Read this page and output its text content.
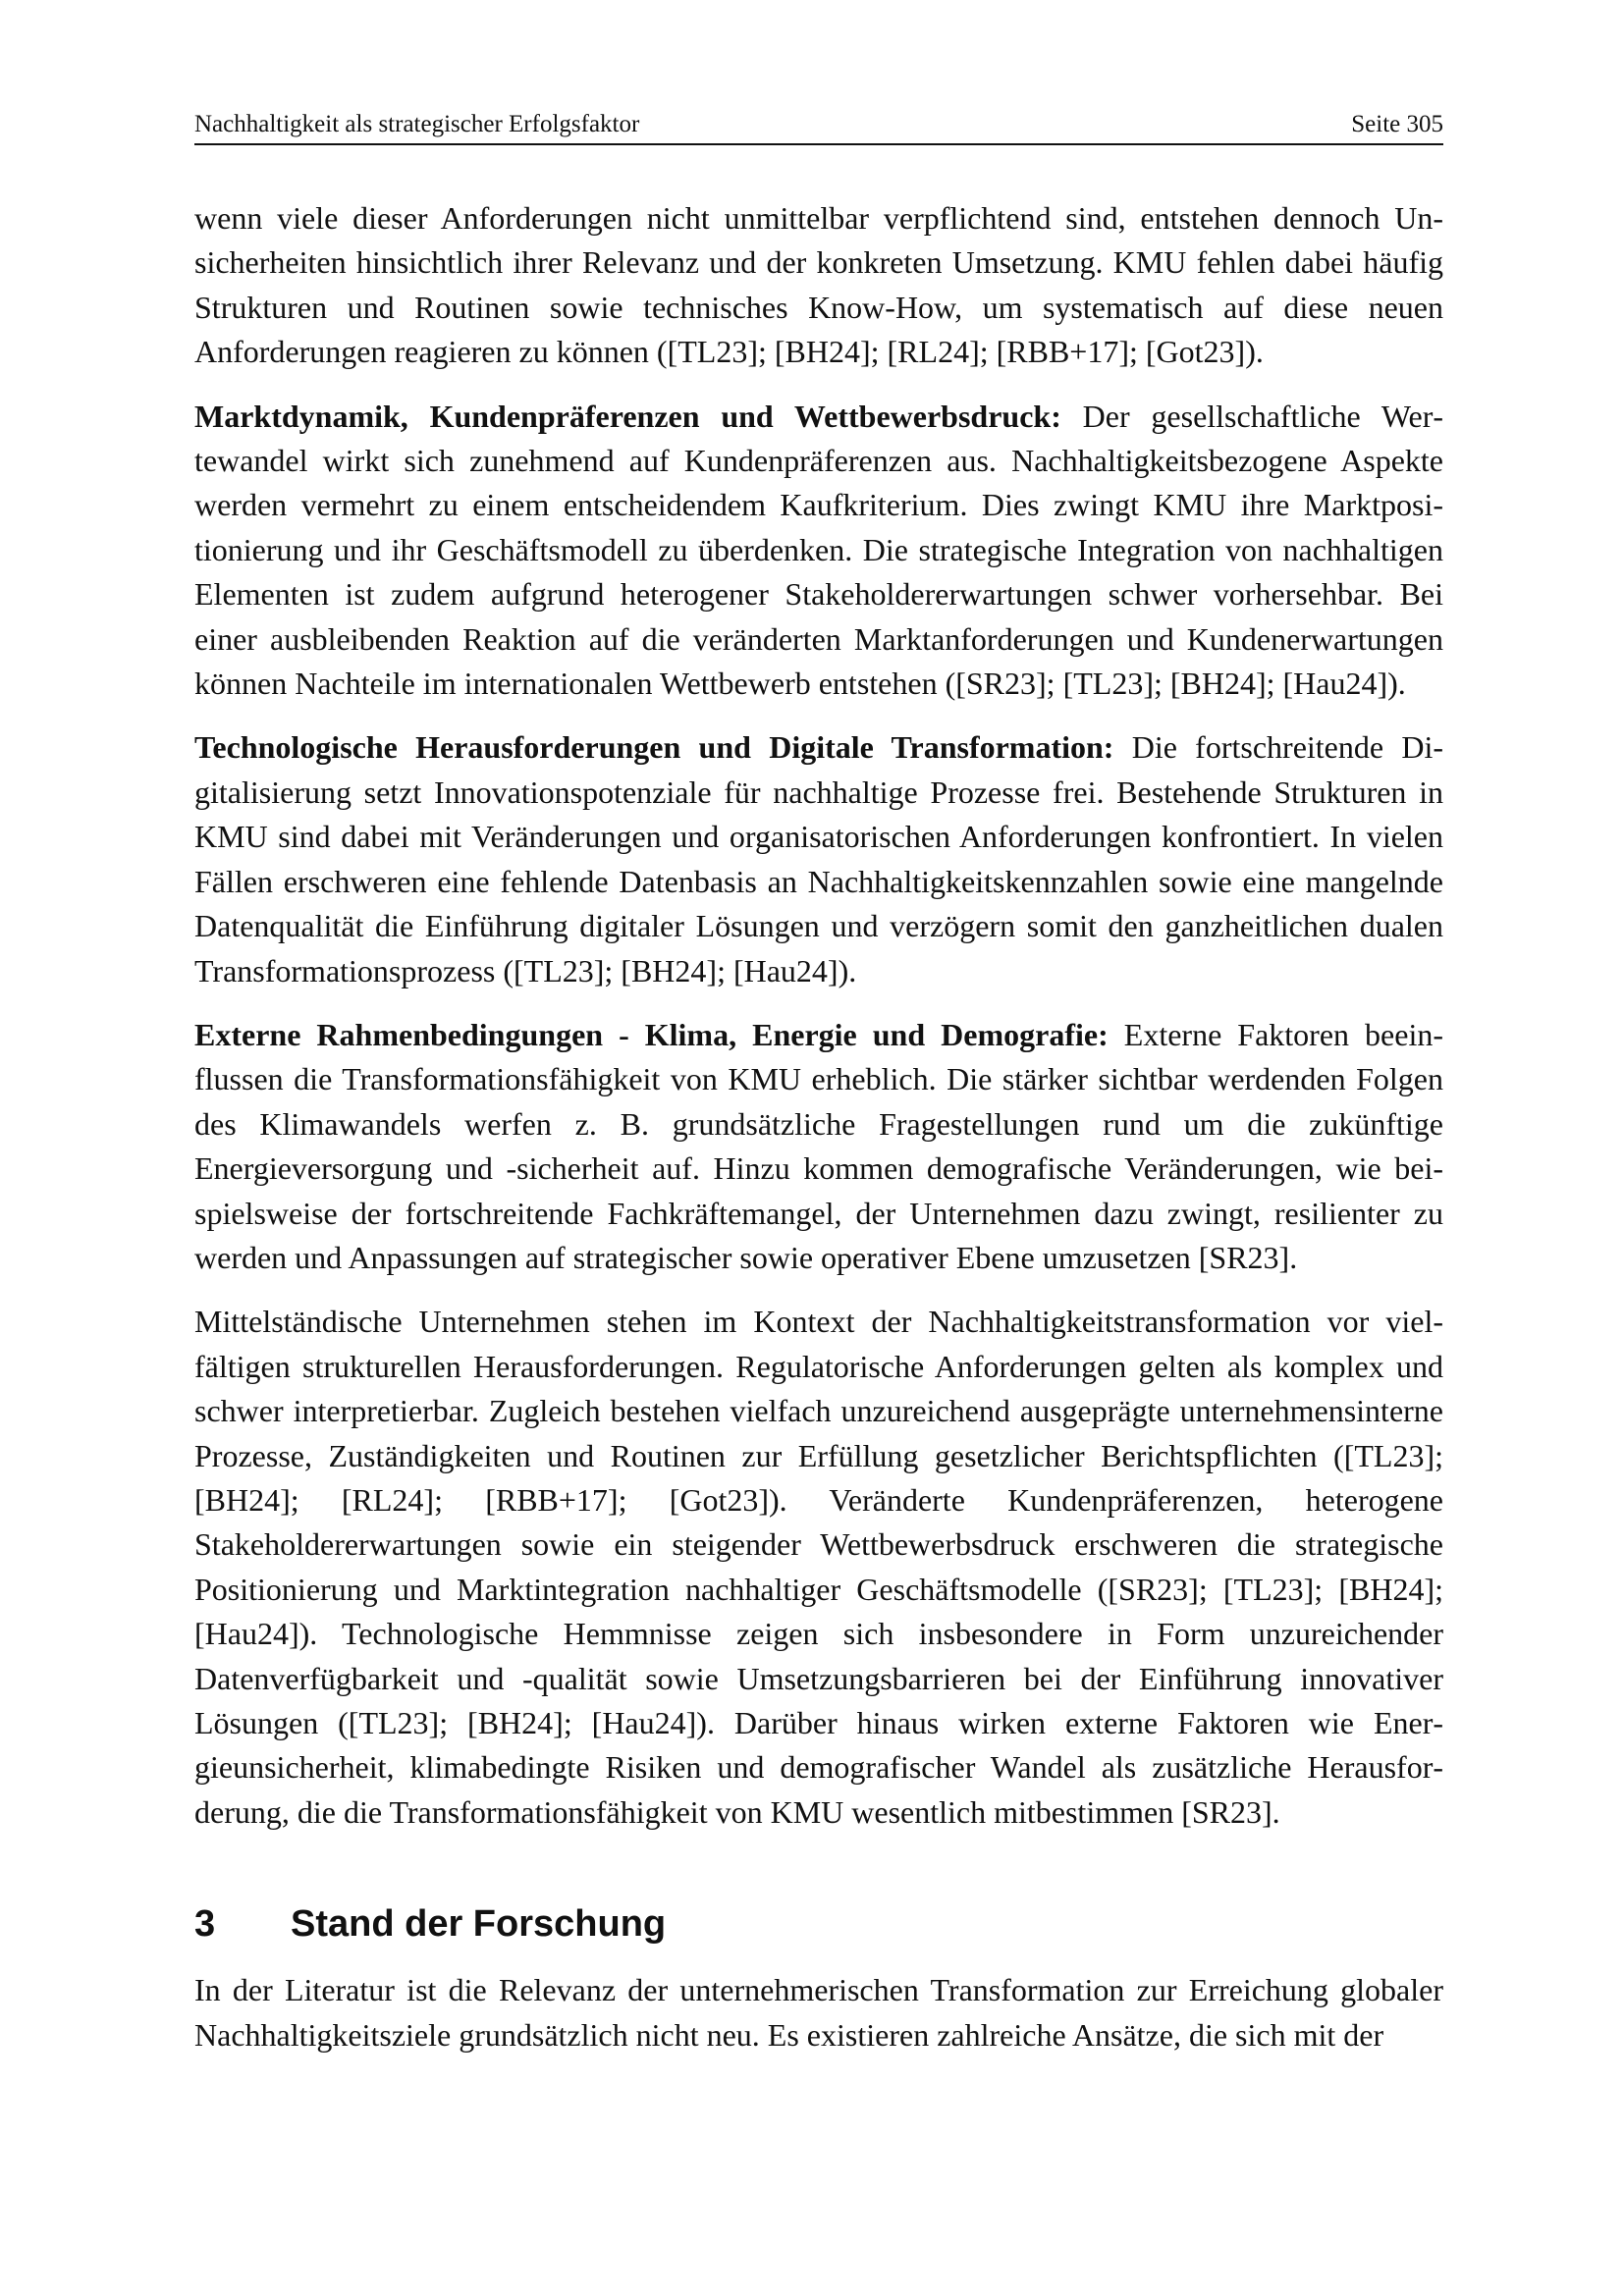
Nachhaltigkeit als strategischer Erfolgsfaktor	Seite 305

wenn viele dieser Anforderungen nicht unmittelbar verpflichtend sind, entstehen dennoch Unsicherheiten hinsichtlich ihrer Relevanz und der konkreten Umsetzung. KMU fehlen dabei häufig Strukturen und Routinen sowie technisches Know-How, um systematisch auf diese neuen Anforderungen reagieren zu können ([TL23]; [BH24]; [RL24]; [RBB+17]; [Got23]).

Marktdynamik, Kundenpräferenzen und Wettbewerbsdruck: Der gesellschaftliche Wertewandel wirkt sich zunehmend auf Kundenpräferenzen aus. Nachhaltigkeitsbezogene Aspekte werden vermehrt zu einem entscheidendem Kaufkriterium. Dies zwingt KMU ihre Marktpositionierung und ihr Geschäftsmodell zu überdenken. Die strategische Integration von nachhaltigen Elementen ist zudem aufgrund heterogener Stakeholdererwartungen schwer vorhersehbar. Bei einer ausbleibenden Reaktion auf die veränderten Marktanforderungen und Kundenerwartungen können Nachteile im internationalen Wettbewerb entstehen ([SR23]; [TL23]; [BH24]; [Hau24]).

Technologische Herausforderungen und Digitale Transformation: Die fortschreitende Digitalisierung setzt Innovationspotenziale für nachhaltige Prozesse frei. Bestehende Strukturen in KMU sind dabei mit Veränderungen und organisatorischen Anforderungen konfrontiert. In vielen Fällen erschweren eine fehlende Datenbasis an Nachhaltigkeitskennzahlen sowie eine mangelnde Datenqualität die Einführung digitaler Lösungen und verzögern somit den ganzheitlichen dualen Transformationsprozess ([TL23]; [BH24]; [Hau24]).

Externe Rahmenbedingungen - Klima, Energie und Demografie: Externe Faktoren beeinflussen die Transformationsfähigkeit von KMU erheblich. Die stärker sichtbar werdenden Folgen des Klimawandels werfen z. B. grundsätzliche Fragestellungen rund um die zukünftige Energieversorgung und -sicherheit auf. Hinzu kommen demografische Veränderungen, wie beispielsweise der fortschreitende Fachkräftemangel, der Unternehmen dazu zwingt, resilienter zu werden und Anpassungen auf strategischer sowie operativer Ebene umzusetzen [SR23].

Mittelständische Unternehmen stehen im Kontext der Nachhaltigkeitstransformation vor vielfältigen strukturellen Herausforderungen. Regulatorische Anforderungen gelten als komplex und schwer interpretierbar. Zugleich bestehen vielfach unzureichend ausgeprägte unternehmensinterne Prozesse, Zuständigkeiten und Routinen zur Erfüllung gesetzlicher Berichtspflichten ([TL23]; [BH24]; [RL24]; [RBB+17]; [Got23]). Veränderte Kundenpräferenzen, heterogene Stakeholdererwartungen sowie ein steigender Wettbewerbsdruck erschweren die strategische Positionierung und Marktintegration nachhaltiger Geschäftsmodelle ([SR23]; [TL23]; [BH24]; [Hau24]). Technologische Hemmnisse zeigen sich insbesondere in Form unzureichender Datenverfügbarkeit und -qualität sowie Umsetzungsbarrieren bei der Einführung innovativer Lösungen ([TL23]; [BH24]; [Hau24]). Darüber hinaus wirken externe Faktoren wie Energieunsicherheit, klimabedingte Risiken und demografischer Wandel als zusätzliche Herausforderung, die die Transformationsfähigkeit von KMU wesentlich mitbestimmen [SR23].

3 Stand der Forschung

In der Literatur ist die Relevanz der unternehmerischen Transformation zur Erreichung globaler Nachhaltigkeitsziele grundsätzlich nicht neu. Es existieren zahlreiche Ansätze, die sich mit der
